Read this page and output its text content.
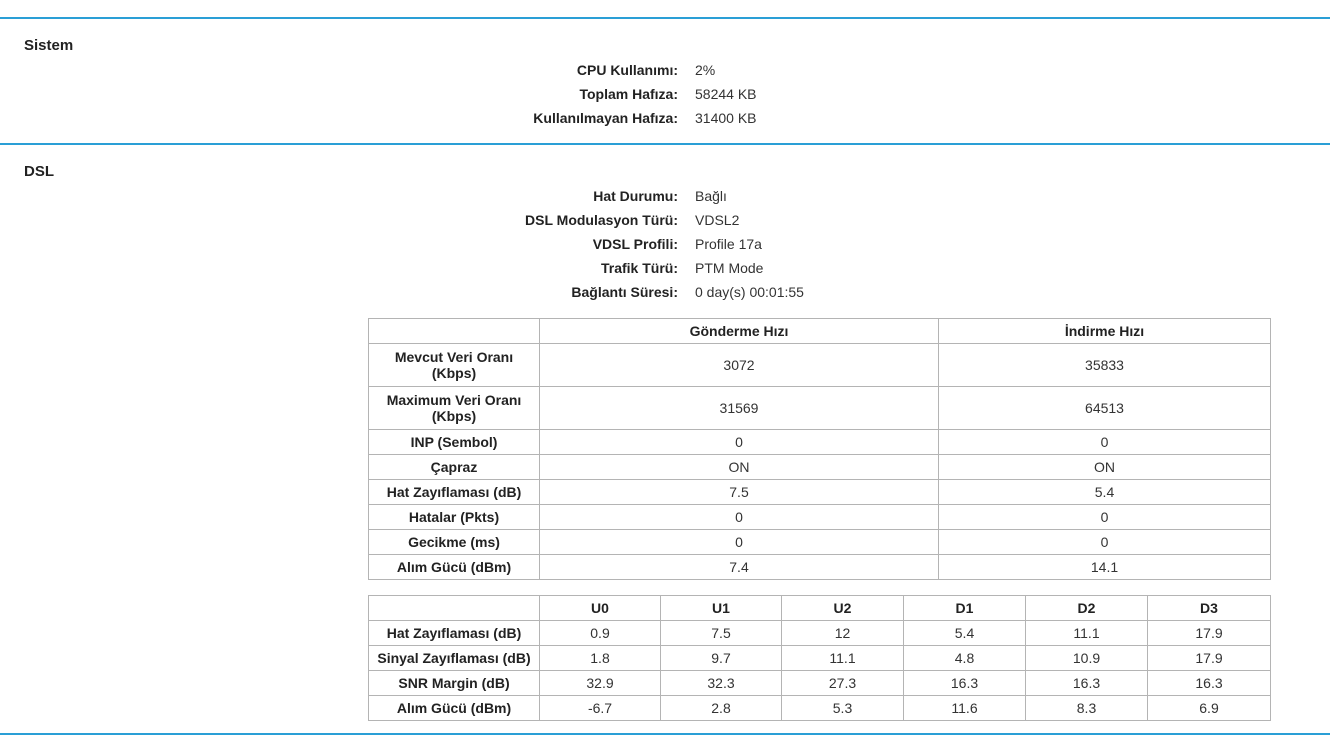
Sistem
CPU Kullanımı: 2%
Toplam Hafıza: 58244 KB
Kullanılmayan Hafıza: 31400 KB
DSL
Hat Durumu: Bağlı
DSL Modulasyon Türü: VDSL2
VDSL Profili: Profile 17a
Trafik Türü: PTM Mode
Bağlantı Süresi: 0 day(s) 00:01:55
	Gönderme Hızı	İndirme Hızı
Mevcut Veri Oranı (Kbps)	3072	35833
Maximum Veri Oranı (Kbps)	31569	64513
INP (Sembol)	0	0
Çapraz	ON	ON
Hat Zayıflaması (dB)	7.5	5.4
Hatalar (Pkts)	0	0
Gecikme (ms)	0	0
Alım Gücü (dBm)	7.4	14.1
	U0	U1	U2	D1	D2	D3
Hat Zayıflaması (dB)	0.9	7.5	12	5.4	11.1	17.9
Sinyal Zayıflaması (dB)	1.8	9.7	11.1	4.8	10.9	17.9
SNR Margin (dB)	32.9	32.3	27.3	16.3	16.3	16.3
Alım Gücü (dBm)	-6.7	2.8	5.3	11.6	8.3	6.9
